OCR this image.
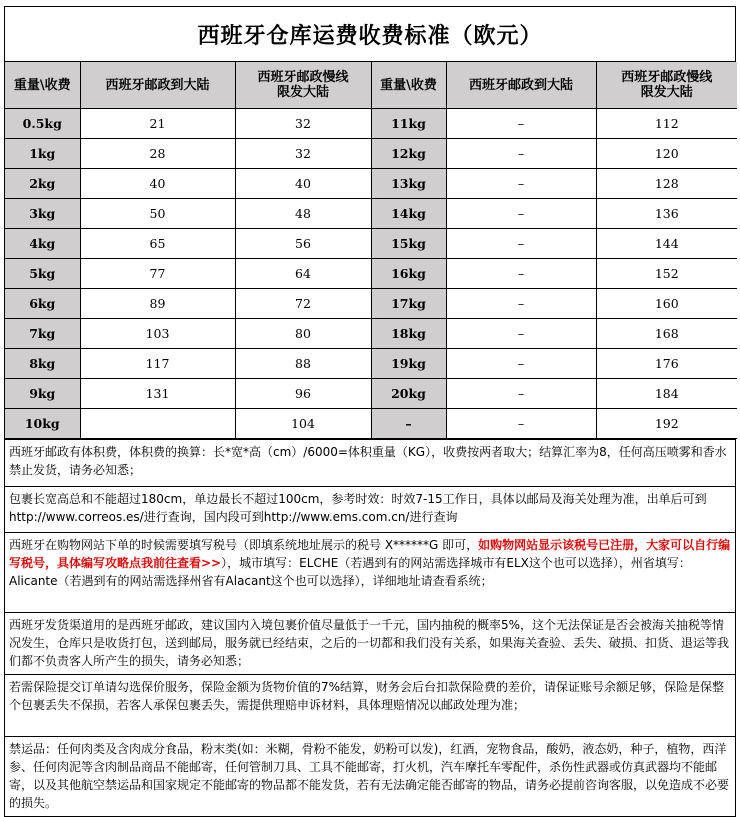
西班牙仓库运费收费标准（欧元）
重量\收费	西班牙邮政到大陆	西班牙邮政慢线
限发大陆	重量\收费	西班牙邮政到大陆	西班牙邮政慢线
限发大陆
0.5kg	21	32	11kg	–	112
1kg	28	32	12kg	–	120
2kg	40	40	13kg	–	128
3kg	50	48	14kg	–	136
4kg	65	56	15kg	–	144
5kg	77	64	16kg	–	152
6kg	89	72	17kg	–	160
7kg	103	80	18kg	–	168
8kg	117	88	19kg	–	176
9kg	131	96	20kg	–	184
10kg		104	–	–	192
西班牙邮政有体积费，体积费的换算：长*宽*高（cm）/6000=体积重量（KG），收费按两者取大；结算汇率为8，任何高压喷雾和香水禁止发货，请务必知悉；
包裹长宽高总和不能超过180cm，单边最长不超过100cm，参考时效：时效7-15工作日，具体以邮局及海关处理为准，出单后可到http://www.correos.es/进行查询，国内段可到http://www.ems.com.cn/进行查询
西班牙在购物网站下单的时候需要填写税号（即填系统地址展示的税号 X******G 即可，如购物网站显示该税号已注册，大家可以自行编写税号，具体编写攻略点我前往查看>>），城市填写：ELCHE（若遇到有的网站需选择城市有ELX这个也可以选择），州省填写：Alicante（若遇到有的网站需选择州省有Alacant这个也可以选择），详细地址请查看系统；
西班牙发货渠道用的是西班牙邮政，建议国内入境包裹价值尽量低于一千元，国内抽税的概率5%，这个无法保证是否会被海关抽税等情况发生，仓库只是收货打包，送到邮局，服务就已经结束，之后的一切都和我们没有关系，如果海关查验、丢失、破损、扣货、退运等我们都不负责客人所产生的损失，请务必知悉；
若需保险提交订单请勾选保价服务，保险金额为货物价值的7%结算，财务会后台扣款保险费的差价，请保证账号余额足够，保险是保整个包裹丢失不保损，若客人承保包裹丢失，需提供理赔申诉材料，具体理赔情况以邮政处理为准；
禁运品：任何肉类及含肉成分食品，粉末类(如：米糊，骨粉不能发，奶粉可以发)，红酒，宠物食品，酸奶，液态奶，种子，植物，西洋参、任何肉泥等含肉制品商品不能邮寄，任何管制刀具、工具不能邮寄，打火机，汽车摩托车零配件，杀伤性武器或仿真武器均不能邮寄，以及其他航空禁运品和国家规定不能邮寄的物品都不能发货，若有无法确定能否邮寄的物品，请务必提前咨询客服，以免造成不必要的损失。
